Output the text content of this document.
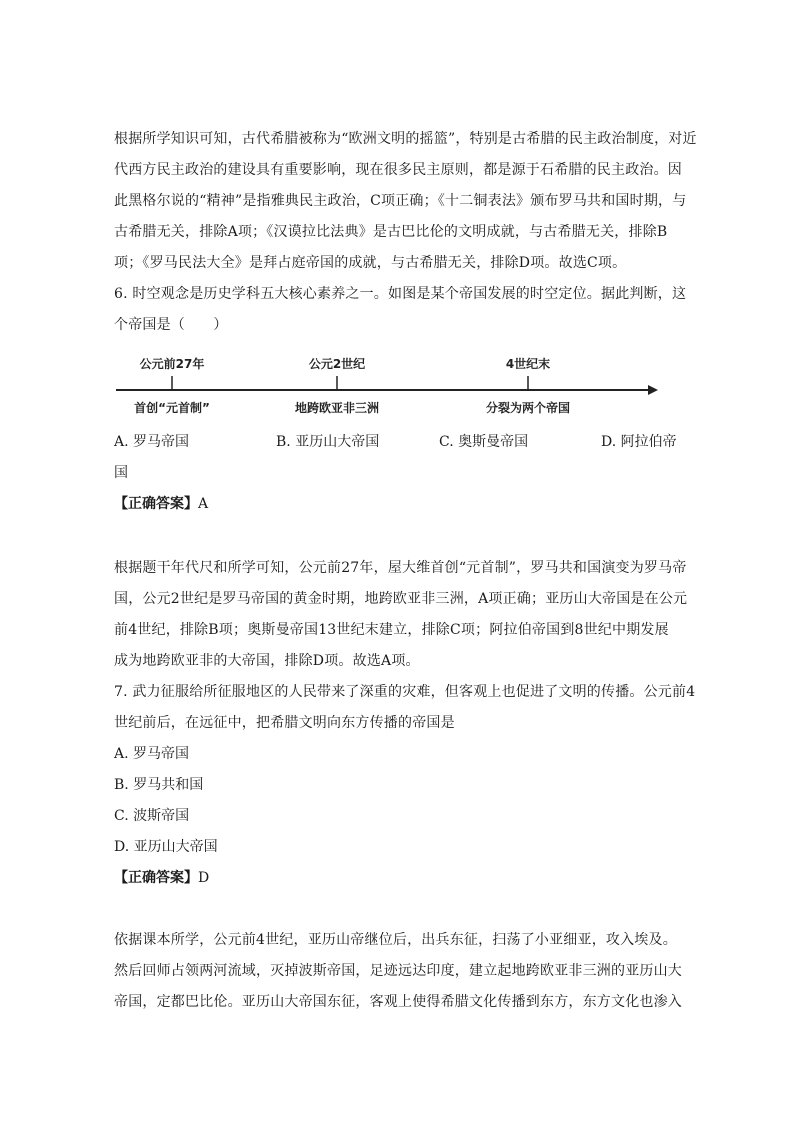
根据所学知识可知，古代希腊被称为“欧洲文明的摇篮”，特别是古希腊的民主政治制度，对近
代西方民主政治的建设具有重要影响，现在很多民主原则，都是源于石希腊的民主政治。因
此黑格尔说的“精神”是指雅典民主政治，C项正确；《十二铜表法》颁布罗马共和国时期，与
古希腊无关，排除A项；《汉谟拉比法典》是古巴比伦的文明成就，与古希腊无关，排除B
项；《罗马民法大全》是拜占庭帝国的成就，与古希腊无关，排除D项。故选C项。
6. 时空观念是历史学科五大核心素养之一。如图是某个帝国发展的时空定位。据此判断，这
个帝国是（　　）
公元前27年
首创“元首制”
公元2世纪
地跨欧亚非三洲
4世纪末
分裂为两个帝国
A. 罗马帝国	B. 亚历山大帝国	C. 奥斯曼帝国	D. 阿拉伯帝
国
【正确答案】 A
根据题干年代尺和所学可知，公元前27年，屋大维首创“元首制”，罗马共和国演变为罗马帝
国，公元2世纪是罗马帝国的黄金时期，地跨欧亚非三洲，A项正确；亚历山大帝国是在公元
前4世纪，排除B项；奥斯曼帝国13世纪末建立，排除C项；阿拉伯帝国到8世纪中期发展
成为地跨欧亚非的大帝国，排除D项。故选A项。
7. 武力征服给所征服地区的人民带来了深重的灾难，但客观上也促进了文明的传播。公元前4
世纪前后，在远征中，把希腊文明向东方传播的帝国是
A. 罗马帝国
B. 罗马共和国
C. 波斯帝国
D. 亚历山大帝国
【正确答案】 D
依据课本所学，公元前4世纪，亚历山帝继位后，出兵东征，扫荡了小亚细亚，攻入埃及。
然后回师占领两河流域，灭掉波斯帝国，足迹远达印度，建立起地跨欧亚非三洲的亚历山大
帝国，定都巴比伦。亚历山大帝国东征，客观上使得希腊文化传播到东方，东方文化也渗入
